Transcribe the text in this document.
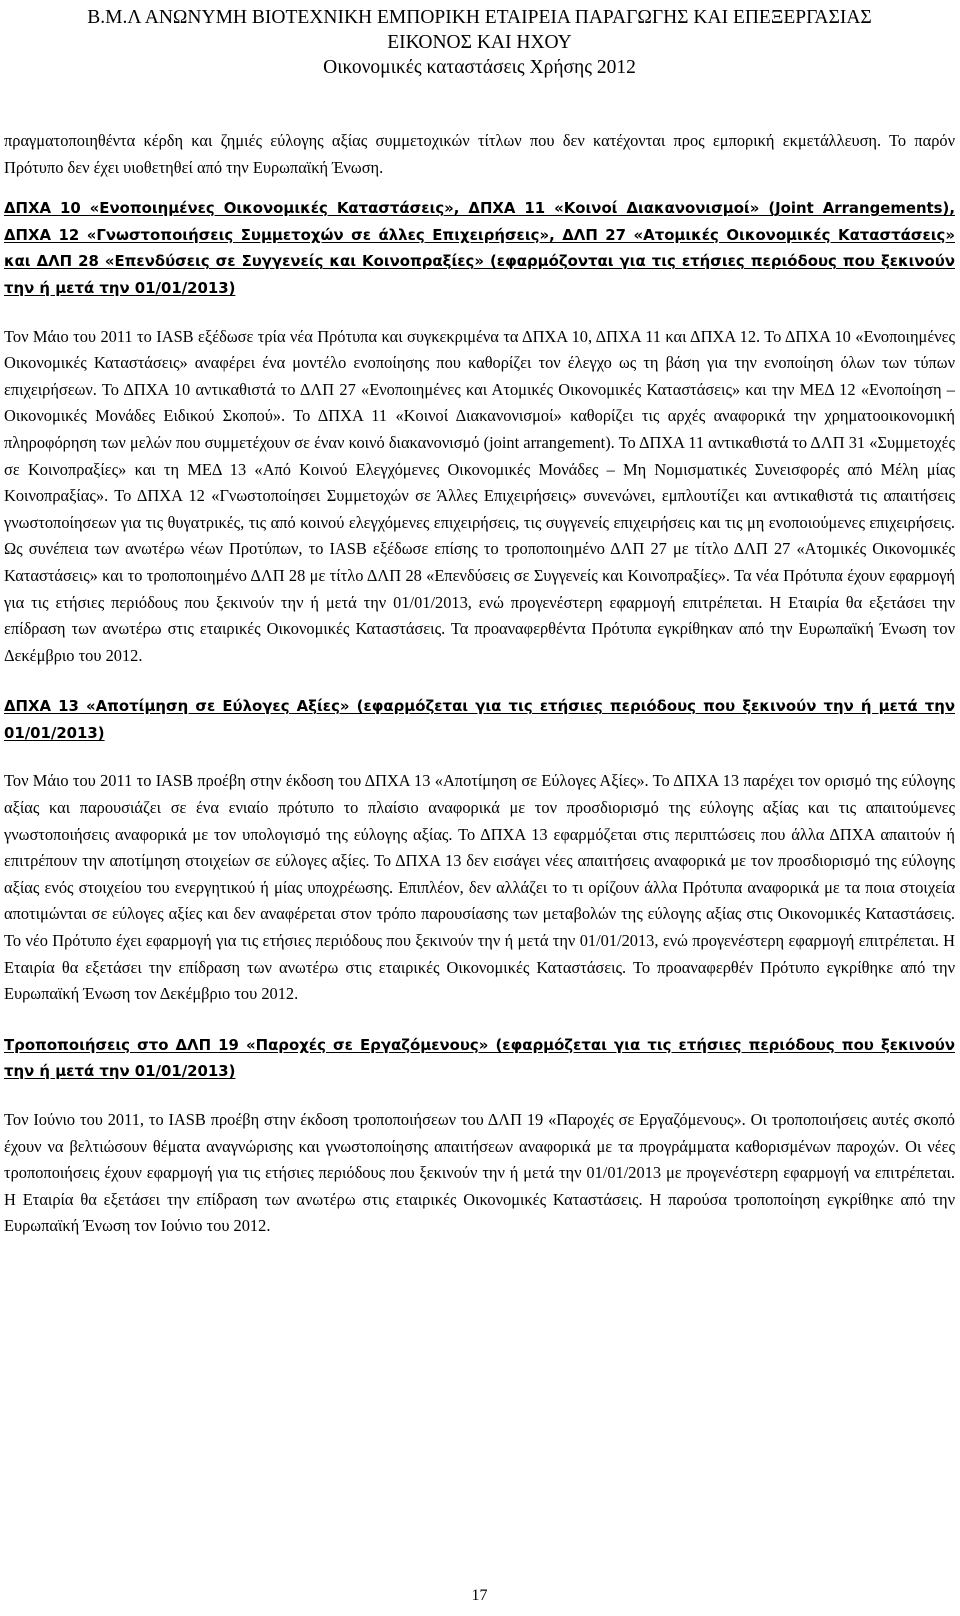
Β.Μ.Λ ΑΝΩΝΥΜΗ ΒΙΟΤΕΧΝΙΚΗ ΕΜΠΟΡΙΚΗ ΕΤΑΙΡΕΙΑ ΠΑΡΑΓΩΓΗΣ ΚΑΙ ΕΠΕΞΕΡΓΑΣΙΑΣ
ΕΙΚΟΝΟΣ ΚΑΙ ΗΧΟΥ
Οικονομικές καταστάσεις Χρήσης 2012

πραγματοποιηθέντα κέρδη και ζημιές εύλογης αξίας συμμετοχικών τίτλων που δεν κατέχονται προς εμπορική εκμετάλλευση. Το παρόν Πρότυπο δεν έχει υιοθετηθεί από την Ευρωπαϊκή Ένωση.

ΔΠΧΑ 10 «Ενοποιημένες Οικονομικές Καταστάσεις», ΔΠΧΑ 11 «Κοινοί Διακανονισμοί» (Joint Arrangements), ΔΠΧΑ 12 «Γνωστοποιήσεις Συμμετοχών σε άλλες Επιχειρήσεις», ΔΛΠ 27 «Ατομικές Οικονομικές Καταστάσεις» και ΔΛΠ 28 «Επενδύσεις σε Συγγενείς και Κοινοπραξίες» (εφαρμόζονται για τις ετήσιες περιόδους που ξεκινούν την ή μετά την 01/01/2013)

Τον Μάιο του 2011 το IASB εξέδωσε τρία νέα Πρότυπα και συγκεκριμένα τα ΔΠΧΑ 10, ΔΠΧΑ 11 και ΔΠΧΑ 12. Το ΔΠΧΑ 10 «Ενοποιημένες Οικονομικές Καταστάσεις» αναφέρει ένα μοντέλο ενοποίησης που καθορίζει τον έλεγχο ως τη βάση για την ενοποίηση όλων των τύπων επιχειρήσεων. Το ΔΠΧΑ 10 αντικαθιστά το ΔΛΠ 27 «Ενοποιημένες και Ατομικές Οικονομικές Καταστάσεις» και την ΜΕΔ 12 «Ενοποίηση – Οικονομικές Μονάδες Ειδικού Σκοπού». Το ΔΠΧΑ 11 «Κοινοί Διακανονισμοί» καθορίζει τις αρχές αναφορικά την χρηματοοικονομική πληροφόρηση των μελών που συμμετέχουν σε έναν κοινό διακανονισμό (joint arrangement). Το ΔΠΧΑ 11 αντικαθιστά το ΔΛΠ 31 «Συμμετοχές σε Κοινοπραξίες» και τη ΜΕΔ 13 «Από Κοινού Ελεγχόμενες Οικονομικές Μονάδες – Μη Νομισματικές Συνεισφορές από Μέλη μίας Κοινοπραξίας». Το ΔΠΧΑ 12 «Γνωστοποίησει Συμμετοχών σε Άλλες Επιχειρήσεις» συνενώνει, εμπλουτίζει και αντικαθιστά τις απαιτήσεις γνωστοποίησεων για τις θυγατρικές, τις από κοινού ελεγχόμενες επιχειρήσεις, τις συγγενείς επιχειρήσεις και τις μη ενοποιούμενες επιχειρήσεις. Ως συνέπεια των ανωτέρω νέων Προτύπων, το IASB εξέδωσε επίσης το τροποποιημένο ΔΛΠ 27 με τίτλο ΔΛΠ 27 «Ατομικές Οικονομικές Καταστάσεις» και το τροποποιημένο ΔΛΠ 28 με τίτλο ΔΛΠ 28 «Επενδύσεις σε Συγγενείς και Κοινοπραξίες». Τα νέα Πρότυπα έχουν εφαρμογή για τις ετήσιες περιόδους που ξεκινούν την ή μετά την 01/01/2013, ενώ προγενέστερη εφαρμογή επιτρέπεται. Η Εταιρία θα εξετάσει την επίδραση των ανωτέρω στις εταιρικές Οικονομικές Καταστάσεις. Τα προαναφερθέντα Πρότυπα εγκρίθηκαν από την Ευρωπαϊκή Ένωση τον Δεκέμβριο του 2012.

ΔΠΧΑ 13 «Αποτίμηση σε Εύλογες Αξίες» (εφαρμόζεται για τις ετήσιες περιόδους που ξεκινούν την ή μετά την 01/01/2013)

Τον Μάιο του 2011 το IASB προέβη στην έκδοση του ΔΠΧΑ 13 «Αποτίμηση σε Εύλογες Αξίες». Το ΔΠΧΑ 13 παρέχει τον ορισμό της εύλογης αξίας και παρουσιάζει σε ένα ενιαίο πρότυπο το πλαίσιο αναφορικά με τον προσδιορισμό της εύλογης αξίας και τις απαιτούμενες γνωστοποιήσεις αναφορικά με τον υπολογισμό της εύλογης αξίας. Το ΔΠΧΑ 13 εφαρμόζεται στις περιπτώσεις που άλλα ΔΠΧΑ απαιτούν ή επιτρέπουν την αποτίμηση στοιχείων σε εύλογες αξίες. Το ΔΠΧΑ 13 δεν εισάγει νέες απαιτήσεις αναφορικά με τον προσδιορισμό της εύλογης αξίας ενός στοιχείου του ενεργητικού ή μίας υποχρέωσης. Επιπλέον, δεν αλλάζει το τι ορίζουν άλλα Πρότυπα αναφορικά με τα ποια στοιχεία αποτιμώνται σε εύλογες αξίες και δεν αναφέρεται στον τρόπο παρουσίασης των μεταβολών της εύλογης αξίας στις Οικονομικές Καταστάσεις. Το νέο Πρότυπο έχει εφαρμογή για τις ετήσιες περιόδους που ξεκινούν την ή μετά την 01/01/2013, ενώ προγενέστερη εφαρμογή επιτρέπεται. Η Εταιρία θα εξετάσει την επίδραση των ανωτέρω στις εταιρικές Οικονομικές Καταστάσεις. Το προαναφερθέν Πρότυπο εγκρίθηκε από την Ευρωπαϊκή Ένωση τον Δεκέμβριο του 2012.

Τροποποιήσεις στο ΔΛΠ 19 «Παροχές σε Εργαζόμενους» (εφαρμόζεται για τις ετήσιες περιόδους που ξεκινούν την ή μετά την 01/01/2013)

Τον Ιούνιο του 2011, το IASB προέβη στην έκδοση τροποποιήσεων του ΔΛΠ 19 «Παροχές σε Εργαζόμενους». Οι τροποποιήσεις αυτές σκοπό έχουν να βελτιώσουν θέματα αναγνώρισης και γνωστοποίησης απαιτήσεων αναφορικά με τα προγράμματα καθορισμένων παροχών. Οι νέες τροποποιήσεις έχουν εφαρμογή για τις ετήσιες περιόδους που ξεκινούν την ή μετά την 01/01/2013 με προγενέστερη εφαρμογή να επιτρέπεται. Η Εταιρία θα εξετάσει την επίδραση των ανωτέρω στις εταιρικές Οικονομικές Καταστάσεις. Η παρούσα τροποποίηση εγκρίθηκε από την Ευρωπαϊκή Ένωση τον Ιούνιο του 2012.

17
